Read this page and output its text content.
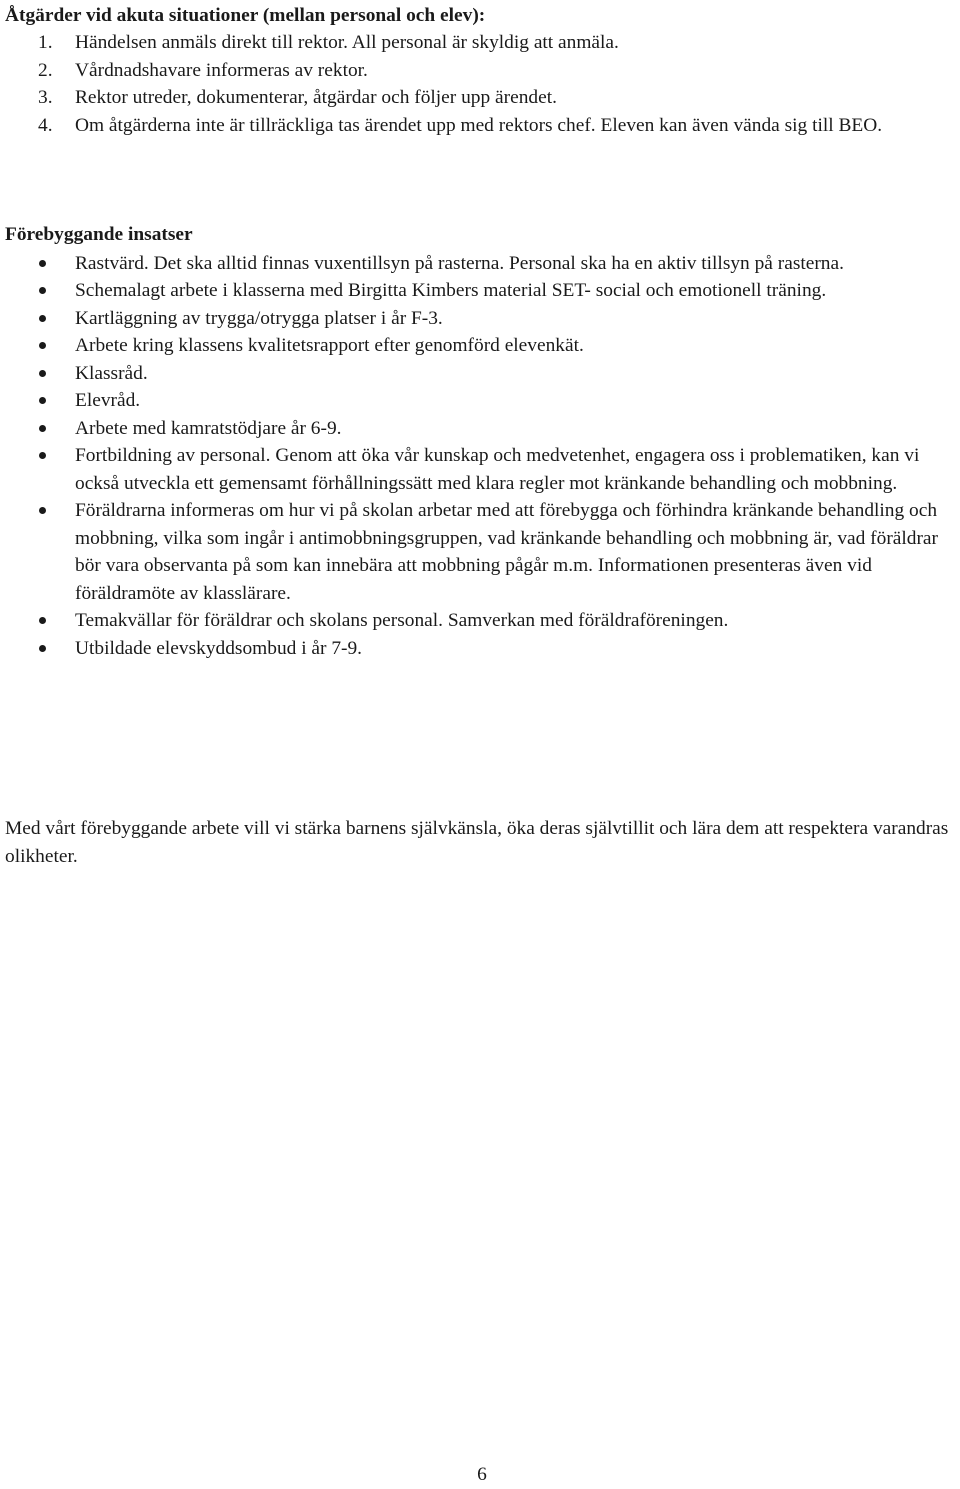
Åtgärder vid akuta situationer (mellan personal och elev):
1. Händelsen anmäls direkt till rektor. All personal är skyldig att anmäla.
2. Vårdnadshavare informeras av rektor.
3. Rektor utreder, dokumenterar, åtgärdar och följer upp ärendet.
4. Om åtgärderna inte är tillräckliga tas ärendet upp med rektors chef. Eleven kan även vända sig till BEO.
Förebyggande insatser
Rastvärd. Det ska alltid finnas vuxentillsyn på rasterna. Personal ska ha en aktiv tillsyn på rasterna.
Schemalagt arbete i klasserna med Birgitta Kimbers material SET- social och emotionell träning.
Kartläggning av trygga/otrygga platser i år F-3.
Arbete kring klassens kvalitetsrapport efter genomförd elevenkät.
Klassråd.
Elevråd.
Arbete med kamratstödjare år 6-9.
Fortbildning av personal. Genom att öka vår kunskap och medvetenhet, engagera oss i problematiken, kan vi också utveckla ett gemensamt förhållningssätt med klara regler mot kränkande behandling och mobbning.
Föräldrarna informeras om hur vi på skolan arbetar med att förebygga och förhindra kränkande behandling och mobbning, vilka som ingår i antimobbningsgruppen, vad kränkande behandling och mobbning är, vad föräldrar bör vara observanta på som kan innebära att mobbning pågår m.m. Informationen presenteras även vid föräldramöte av klasslärare.
Temakvällar för föräldrar och skolans personal. Samverkan med föräldraföreningen.
Utbildade elevskyddsombud i år 7-9.

Med vårt förebyggande arbete vill vi stärka barnens självkänsla, öka deras självtillit och lära dem att respektera varandras olikheter.

6
